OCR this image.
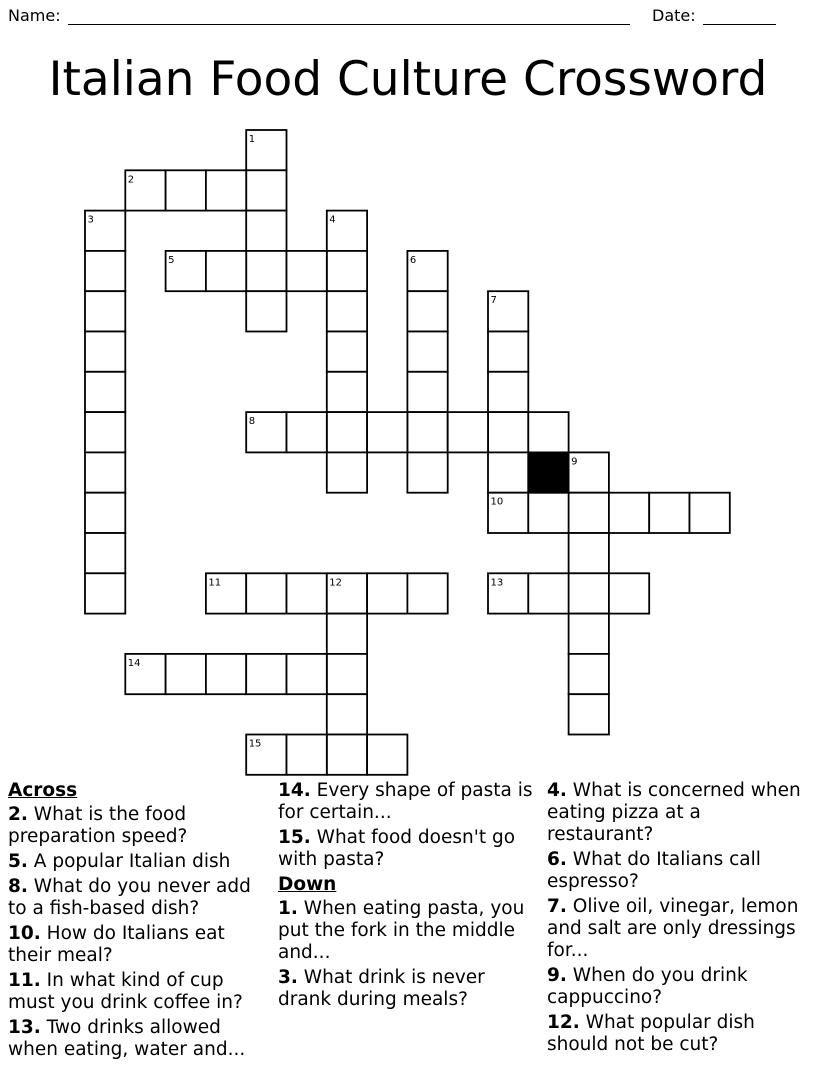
Name:	Date:
Italian Food Culture Crossword
1
2
3	4
5	6
7
8
9
10
11	12	13
14
15
Across
2. What is the food preparation speed?
5. A popular Italian dish
8. What do you never add to a fish-based dish?
10. How do Italians eat their meal?
11. In what kind of cup must you drink coffee in?
13. Two drinks allowed when eating, water and...
14. Every shape of pasta is for certain...
15. What food doesn't go with pasta?
Down
1. When eating pasta, you put the fork in the middle and...
3. What drink is never drank during meals?
4. What is concerned when eating pizza at a restaurant?
6. What do Italians call espresso?
7. Olive oil, vinegar, lemon and salt are only dressings for...
9. When do you drink cappuccino?
12. What popular dish should not be cut?
